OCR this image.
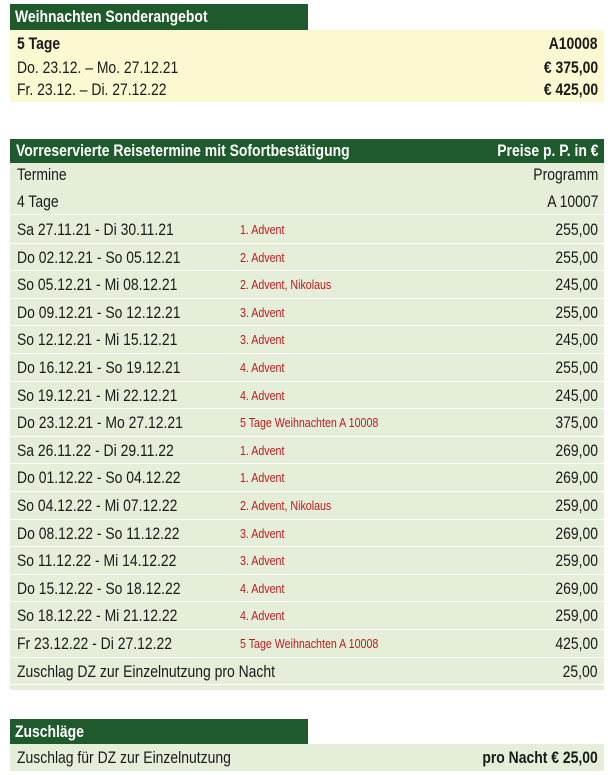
Weihnachten Sonderangebot
5 Tage	A10008
Do. 23.12. – Mo. 27.12.21	€ 375,00
Fr. 23.12. – Di. 27.12.22	€ 425,00
Vorreservierte Reisetermine mit Sofortbestätigung	Preise p. P. in €
Termine	Programm
4 Tage	A 10007
Sa 27.11.21 - Di 30.11.21	1. Advent	255,00
Do 02.12.21 - So 05.12.21	2. Advent	255,00
So 05.12.21 - Mi 08.12.21	2. Advent, Nikolaus	245,00
Do 09.12.21 - So 12.12.21	3. Advent	255,00
So 12.12.21 - Mi 15.12.21	3. Advent	245,00
Do 16.12.21 - So 19.12.21	4. Advent	255,00
So 19.12.21 - Mi 22.12.21	4. Advent	245,00
Do 23.12.21 - Mo 27.12.21	5 Tage Weihnachten A 10008	375,00
Sa 26.11.22 - Di 29.11.22	1. Advent	269,00
Do 01.12.22 - So 04.12.22	1. Advent	269,00
So 04.12.22 - Mi 07.12.22	2. Advent, Nikolaus	259,00
Do 08.12.22 - So 11.12.22	3. Advent	269,00
So 11.12.22 - Mi 14.12.22	3. Advent	259,00
Do 15.12.22 - So 18.12.22	4. Advent	269,00
So 18.12.22 - Mi 21.12.22	4. Advent	259,00
Fr 23.12.22 - Di 27.12.22	5 Tage Weihnachten A 10008	425,00
Zuschlag DZ zur Einzelnutzung pro Nacht	25,00
Zuschläge
Zuschlag für DZ zur Einzelnutzung	pro Nacht € 25,00
